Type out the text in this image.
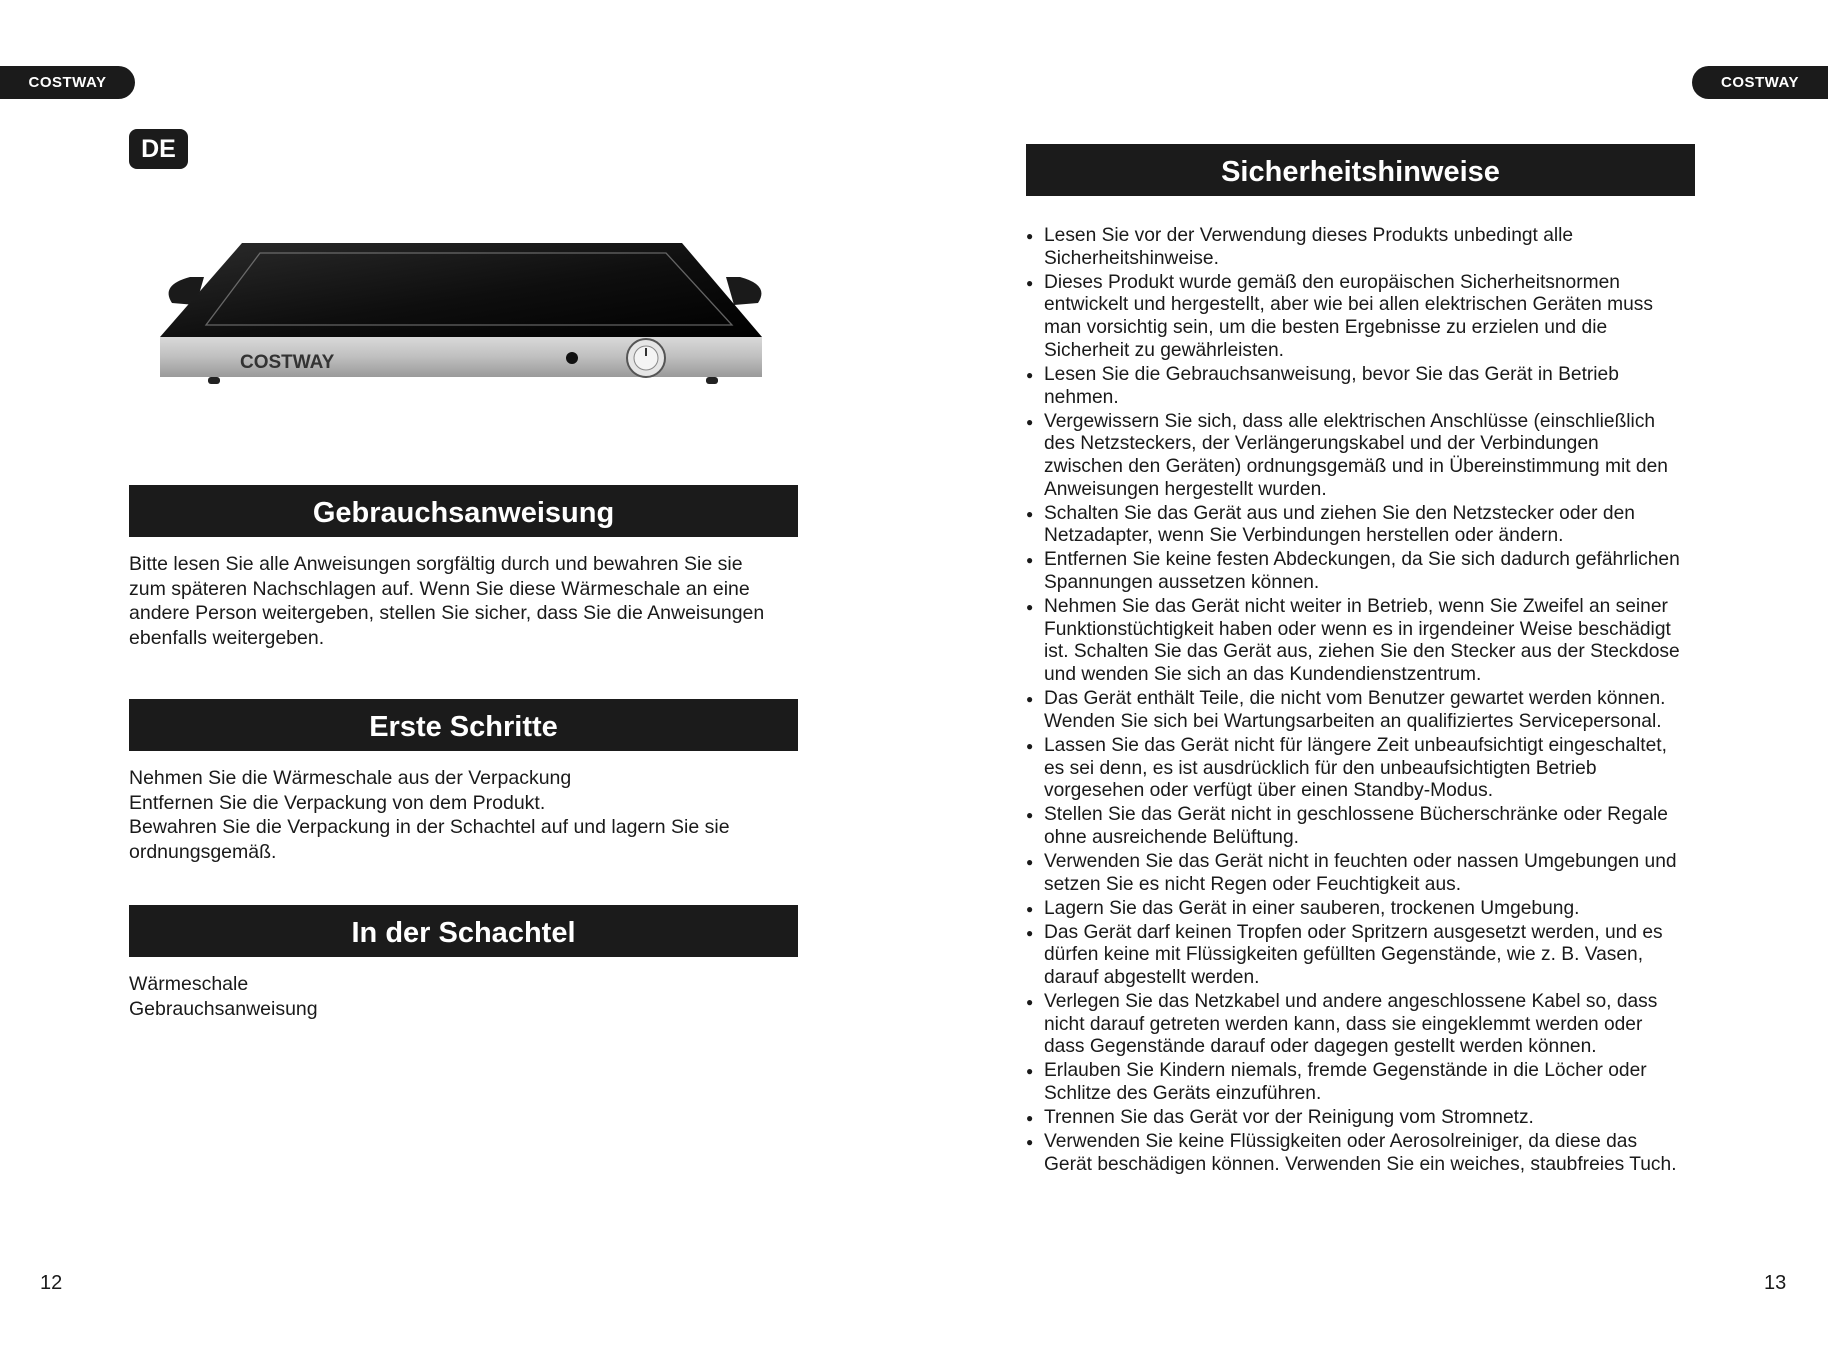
COSTWAY	COSTWAY
DE
COSTWAY
Gebrauchsanweisung
Bitte lesen Sie alle Anweisungen sorgfältig durch und bewahren Sie sie
zum späteren Nachschlagen auf. Wenn Sie diese Wärmeschale an eine
andere Person weitergeben, stellen Sie sicher, dass Sie die Anweisungen
ebenfalls weitergeben.
Erste Schritte
Nehmen Sie die Wärmeschale aus der Verpackung
Entfernen Sie die Verpackung von dem Produkt.
Bewahren Sie die Verpackung in der Schachtel auf und lagern Sie sie
ordnungsgemäß.
In der Schachtel
Wärmeschale
Gebrauchsanweisung
12
Sicherheitshinweise
● Lesen Sie vor der Verwendung dieses Produkts unbedingt alle
Sicherheitshinweise.
● Dieses Produkt wurde gemäß den europäischen Sicherheitsnormen
entwickelt und hergestellt, aber wie bei allen elektrischen Geräten muss
man vorsichtig sein, um die besten Ergebnisse zu erzielen und die
Sicherheit zu gewährleisten.
● Lesen Sie die Gebrauchsanweisung, bevor Sie das Gerät in Betrieb
nehmen.
● Vergewissern Sie sich, dass alle elektrischen Anschlüsse (einschließlich
des Netzsteckers, der Verlängerungskabel und der Verbindungen
zwischen den Geräten) ordnungsgemäß und in Übereinstimmung mit den
Anweisungen hergestellt wurden.
● Schalten Sie das Gerät aus und ziehen Sie den Netzstecker oder den
Netzadapter, wenn Sie Verbindungen herstellen oder ändern.
● Entfernen Sie keine festen Abdeckungen, da Sie sich dadurch gefährlichen
Spannungen aussetzen können.
● Nehmen Sie das Gerät nicht weiter in Betrieb, wenn Sie Zweifel an seiner
Funktionstüchtigkeit haben oder wenn es in irgendeiner Weise beschädigt
ist. Schalten Sie das Gerät aus, ziehen Sie den Stecker aus der Steckdose
und wenden Sie sich an das Kundendienstzentrum.
● Das Gerät enthält Teile, die nicht vom Benutzer gewartet werden können.
Wenden Sie sich bei Wartungsarbeiten an qualifiziertes Servicepersonal.
● Lassen Sie das Gerät nicht für längere Zeit unbeaufsichtigt eingeschaltet,
es sei denn, es ist ausdrücklich für den unbeaufsichtigten Betrieb
vorgesehen oder verfügt über einen Standby-Modus.
● Stellen Sie das Gerät nicht in geschlossene Bücherschränke oder Regale
ohne ausreichende Belüftung.
● Verwenden Sie das Gerät nicht in feuchten oder nassen Umgebungen und
setzen Sie es nicht Regen oder Feuchtigkeit aus.
● Lagern Sie das Gerät in einer sauberen, trockenen Umgebung.
● Das Gerät darf keinen Tropfen oder Spritzern ausgesetzt werden, und es
dürfen keine mit Flüssigkeiten gefüllten Gegenstände, wie z. B. Vasen,
darauf abgestellt werden.
● Verlegen Sie das Netzkabel und andere angeschlossene Kabel so, dass
nicht darauf getreten werden kann, dass sie eingeklemmt werden oder
dass Gegenstände darauf oder dagegen gestellt werden können.
● Erlauben Sie Kindern niemals, fremde Gegenstände in die Löcher oder
Schlitze des Geräts einzuführen.
● Trennen Sie das Gerät vor der Reinigung vom Stromnetz.
● Verwenden Sie keine Flüssigkeiten oder Aerosolreiniger, da diese das
Gerät beschädigen können. Verwenden Sie ein weiches, staubfreies Tuch.
13
